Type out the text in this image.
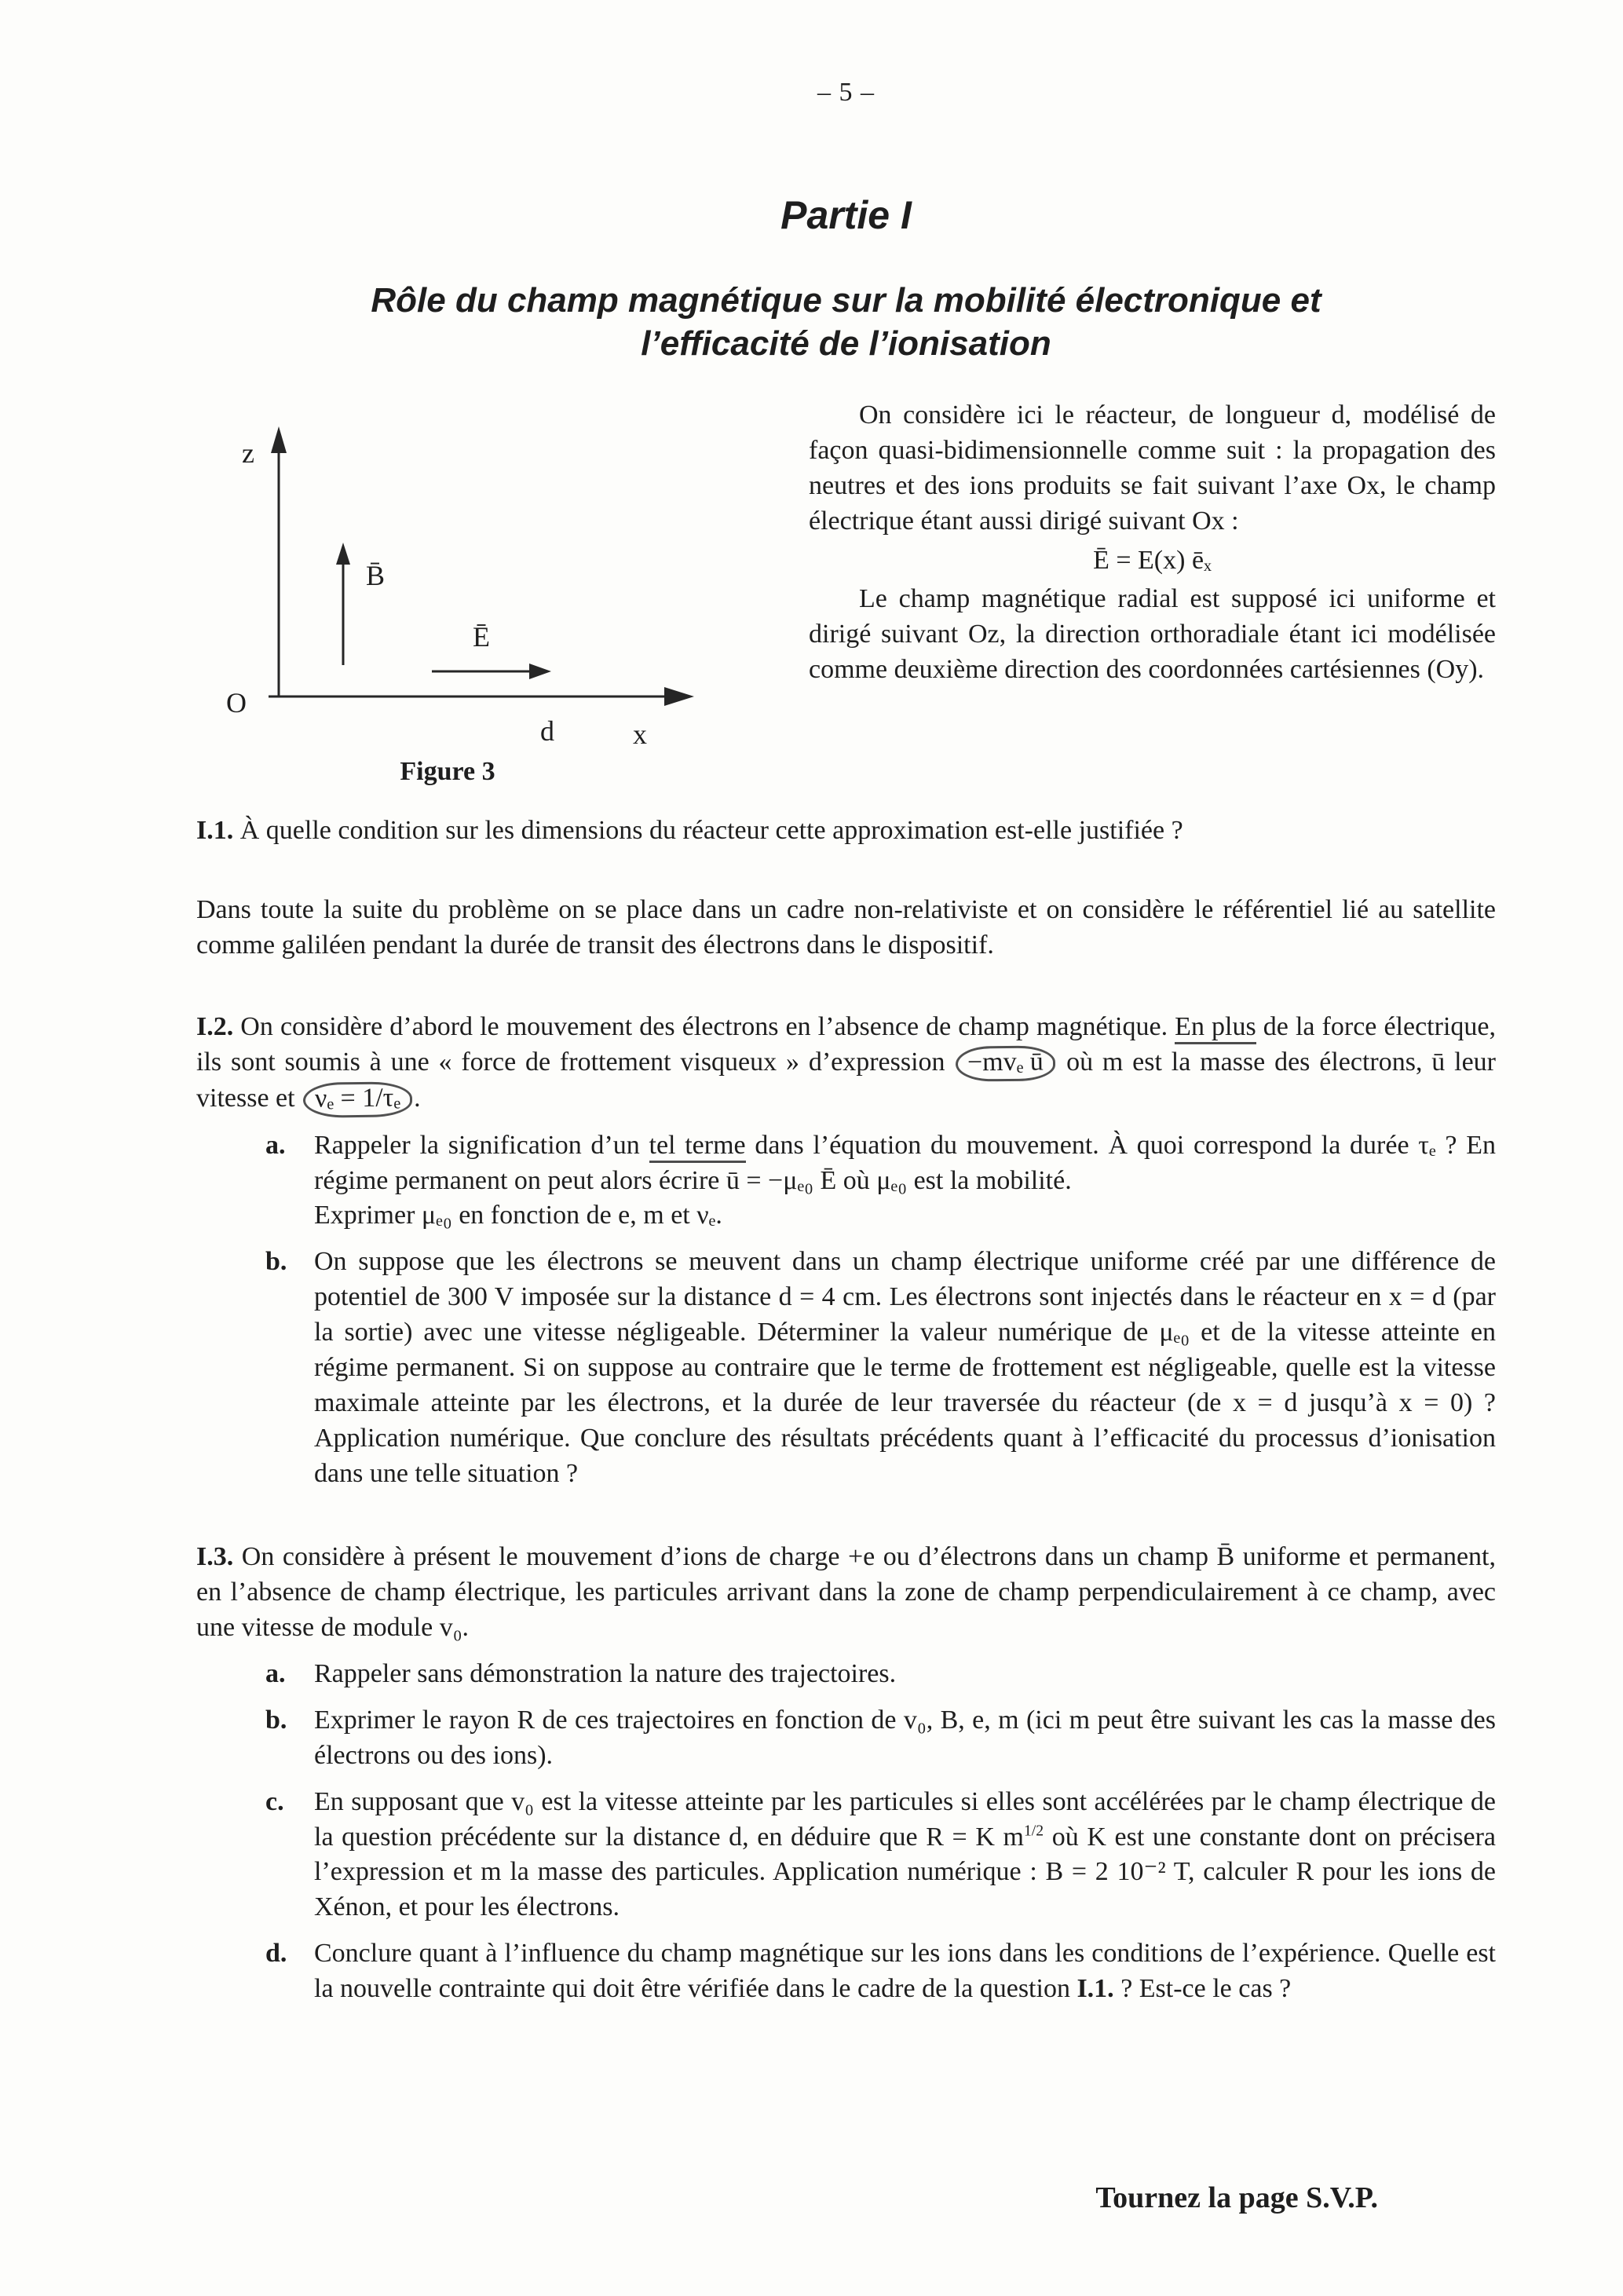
– 5 –
Partie I
Rôle du champ magnétique sur la mobilité électronique et
l’efficacité de l’ionisation
z
O
d	x
B̄
Ē
Figure 3

On considère ici le réacteur, de longueur d, modélisé de façon quasi-bidimensionnelle comme suit : la propagation des neutres et des ions produits se fait suivant l’axe Ox, le champ électrique étant aussi dirigé suivant Ox :

Ē = E(x) ēₓ

Le champ magnétique radial est supposé ici uniforme et dirigé suivant Oz, la direction orthoradiale étant ici modélisée comme deuxième direction des coordonnées cartésiennes (Oy).

I.1. À quelle condition sur les dimensions du réacteur cette approximation est-elle justifiée ?

Dans toute la suite du problème on se place dans un cadre non-relativiste et on considère le référentiel lié au satellite comme galiléen pendant la durée de transit des électrons dans le dispositif.

I.2. On considère d’abord le mouvement des électrons en l’absence de champ magnétique. En plus de la force électrique, ils sont soumis à une « force de frottement visqueux » d’expression −mvₑ ū où m est la masse des électrons, ū leur vitesse et νₑ = 1/τₑ .

a.	Rappeler la signification d’un tel terme dans l’équation du mouvement. À quoi correspond la durée τₑ ? En régime permanent on peut alors écrire ū = −μₑ₀ Ē où μₑ₀ est la mobilité.
Exprimer μₑ₀ en fonction de e, m et νₑ.
b.	On suppose que les électrons se meuvent dans un champ électrique uniforme créé par une différence de potentiel de 300 V imposée sur la distance d = 4 cm. Les électrons sont injectés dans le réacteur en x = d (par la sortie) avec une vitesse négligeable. Déterminer la valeur numérique de μₑ₀ et de la vitesse atteinte en régime permanent. Si on suppose au contraire que le terme de frottement est négligeable, quelle est la vitesse maximale atteinte par les électrons, et la durée de leur traversée du réacteur (de x = d jusqu’à x = 0) ? Application numérique. Que conclure des résultats précédents quant à l’efficacité du processus d’ionisation dans une telle situation ?

I.3. On considère à présent le mouvement d’ions de charge +e ou d’électrons dans un champ B̄ uniforme et permanent, en l’absence de champ électrique, les particules arrivant dans la zone de champ perpendiculairement à ce champ, avec une vitesse de module v₀.

a.	Rappeler sans démonstration la nature des trajectoires.
b.	Exprimer le rayon R de ces trajectoires en fonction de v₀, B, e, m (ici m peut être suivant les cas la masse des électrons ou des ions).
c.	En supposant que v₀ est la vitesse atteinte par les particules si elles sont accélérées par le champ électrique de la question précédente sur la distance d, en déduire que R = K $m^{1/2}$ où K est une constante dont on précisera l’expression et m la masse des particules. Application numérique : B = 2 10⁻² T, calculer R pour les ions de Xénon, et pour les électrons.
d.	Conclure quant à l’influence du champ magnétique sur les ions dans les conditions de l’expérience. Quelle est la nouvelle contrainte qui doit être vérifiée dans le cadre de la question I.1. ? Est-ce le cas ?
Tournez la page S.V.P.
